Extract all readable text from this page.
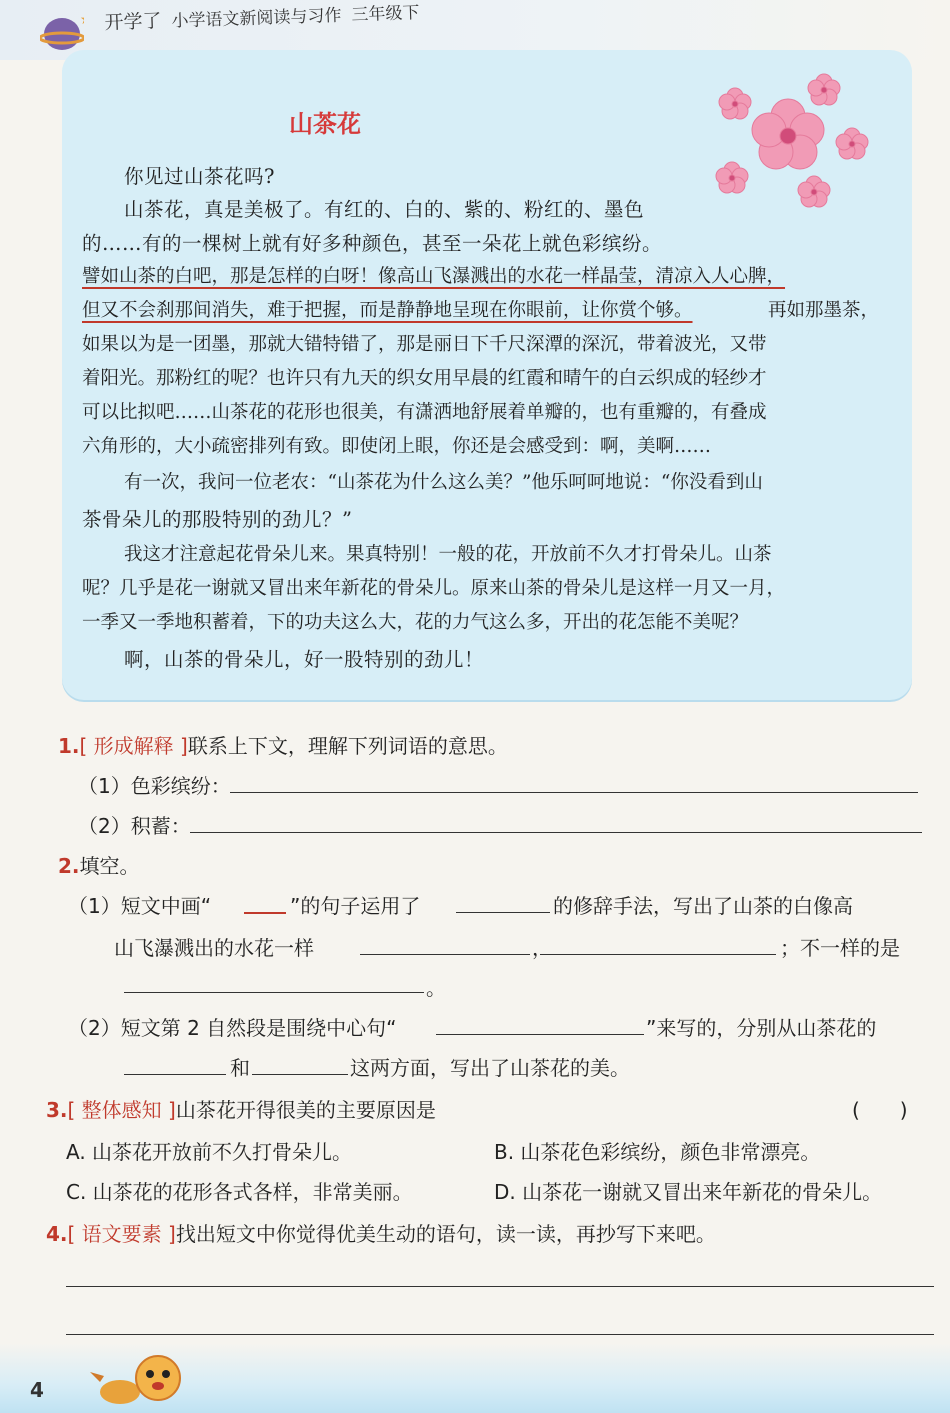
开学了 小学语文新阅读与习作 三年级下
山茶花
你见过山茶花吗?
山茶花，真是美极了。有红的、白的、紫的、粉红的、墨色
的……有的一棵树上就有好多种颜色，甚至一朵花上就色彩缤纷。
譬如山茶的白吧，那是怎样的白呀！像高山飞瀑溅出的水花一样晶莹，清凉入人心脾，
但又不会刹那间消失，难于把握，而是静静地呈现在你眼前，让你赏个够。	再如那墨茶，
如果以为是一团墨，那就大错特错了，那是丽日下千尺深潭的深沉，带着波光，又带
着阳光。那粉红的呢？也许只有九天的织女用早晨的红霞和晴午的白云织成的轻纱才
可以比拟吧……山茶花的花形也很美，有潇洒地舒展着单瓣的，也有重瓣的，有叠成
六角形的，大小疏密排列有致。即使闭上眼，你还是会感受到：啊，美啊……
有一次，我问一位老农：“山茶花为什么这么美？”他乐呵呵地说：“你没看到山
茶骨朵儿的那股特别的劲儿？”
我这才注意起花骨朵儿来。果真特别！一般的花，开放前不久才打骨朵儿。山茶
呢？几乎是花一谢就又冒出来年新花的骨朵儿。原来山茶的骨朵儿是这样一月又一月，
一季又一季地积蓄着，下的功夫这么大，花的力气这么多，开出的花怎能不美呢？
啊，山茶的骨朵儿，好一股特别的劲儿！
1.[ 形成解释 ]联系上下文，理解下列词语的意思。
（1）色彩缤纷：
（2）积蓄：
2.填空。
（1）短文中画“	”的句子运用了	的修辞手法，写出了山茶的白像高
山飞瀑溅出的水花一样	，	；不一样的是
。
（2）短文第 2 自然段是围绕中心句“	”来写的，分别从山茶花的
和	这两方面，写出了山茶花的美。
3.[ 整体感知 ]山茶花开得很美的主要原因是	(　　)
A. 山茶花开放前不久打骨朵儿。	B. 山茶花色彩缤纷，颜色非常漂亮。
C. 山茶花的花形各式各样，非常美丽。	D. 山茶花一谢就又冒出来年新花的骨朵儿。
4.[ 语文要素 ]找出短文中你觉得优美生动的语句，读一读，再抄写下来吧。
4
